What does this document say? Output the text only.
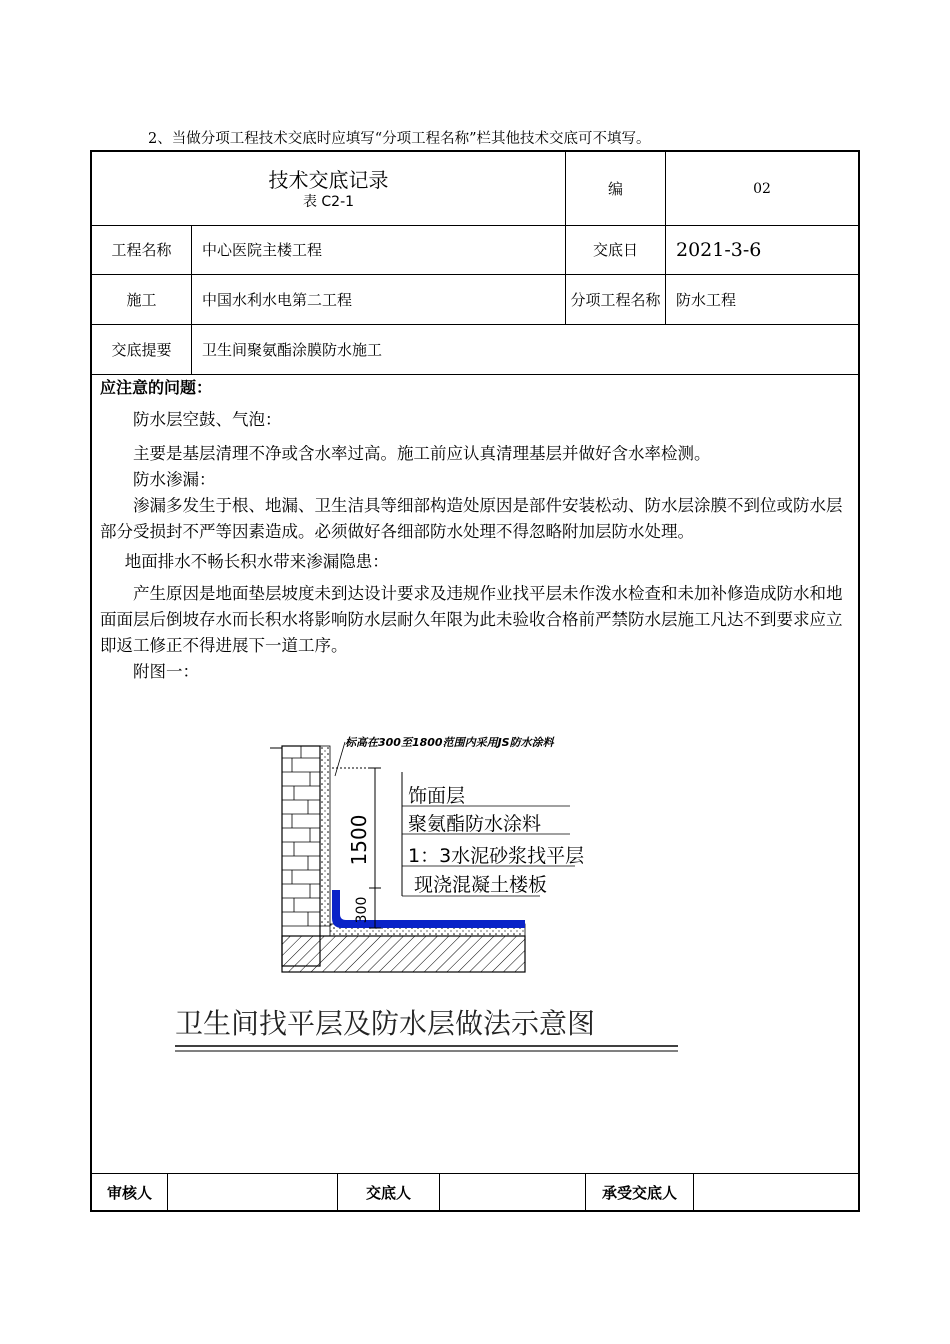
2、当做分项工程技术交底时应填写“分项工程名称”栏其他技术交底可不填写。
技术交底记录
表 C2-1
编	02
工程名称	中心医院主楼工程	交底日	2021-3-6
施工	中国水利水电第二工程	分项工程名称	防水工程
交底提要	卫生间聚氨酯涂膜防水施工

应注意的问题：

防水层空鼓、气泡：

主要是基层清理不净或含水率过高。施工前应认真清理基层并做好含水率检测。

防水渗漏：

渗漏多发生于根、地漏、卫生洁具等细部构造处原因是部件安装松动、防水层涂膜不到位或防水层部分受损封不严等因素造成。必须做好各细部防水处理不得忽略附加层防水处理。

地面排水不畅长积水带来渗漏隐患：

产生原因是地面垫层坡度未到达设计要求及违规作业找平层未作泼水检查和未加补修造成防水和地面面层后倒坡存水而长积水将影响防水层耐久年限为此未验收合格前严禁防水层施工凡达不到要求应立即返工修正不得进展下一道工序。

附图一：

审核人	交底人	承受交底人
1500
300
标高在300至1800范围内采用JS防水涂料
饰面层
聚氨酯防水涂料
1：3水泥砂浆找平层
现浇混凝土楼板
卫生间找平层及防水层做法示意图
